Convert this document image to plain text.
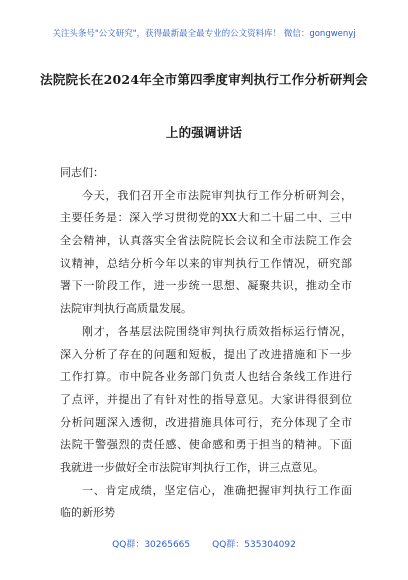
关注头条号"公文研究"，获得最新最全最专业的公文资料库！ 微信：gongwenyj
法院院长在2024年全市第四季度审判执行工作分析研判会
上的强调讲话
同志们：
今天，我们召开全市法院审判执行工作分析研判会，
主要任务是：深入学习贯彻党的XX大和二十届二中、三中
全会精神，认真落实全省法院院长会议和全市法院工作会
议精神，总结分析今年以来的审判执行工作情况，研究部
署下一阶段工作，进一步统一思想、凝聚共识，推动全市
法院审判执行高质量发展。
刚才，各基层法院围绕审判执行质效指标运行情况，
深入分析了存在的问题和短板，提出了改进措施和下一步
工作打算。市中院各业务部门负责人也结合条线工作进行
了点评，并提出了有针对性的指导意见。大家讲得很到位
分析问题深入透彻，改进措施具体可行，充分体现了全市
法院干警强烈的责任感、使命感和勇于担当的精神。下面
我就进一步做好全市法院审判执行工作，讲三点意见。
一、肯定成绩，坚定信心，准确把握审判执行工作面
临的新形势
QQ群：30265665 QQ群：535304092
